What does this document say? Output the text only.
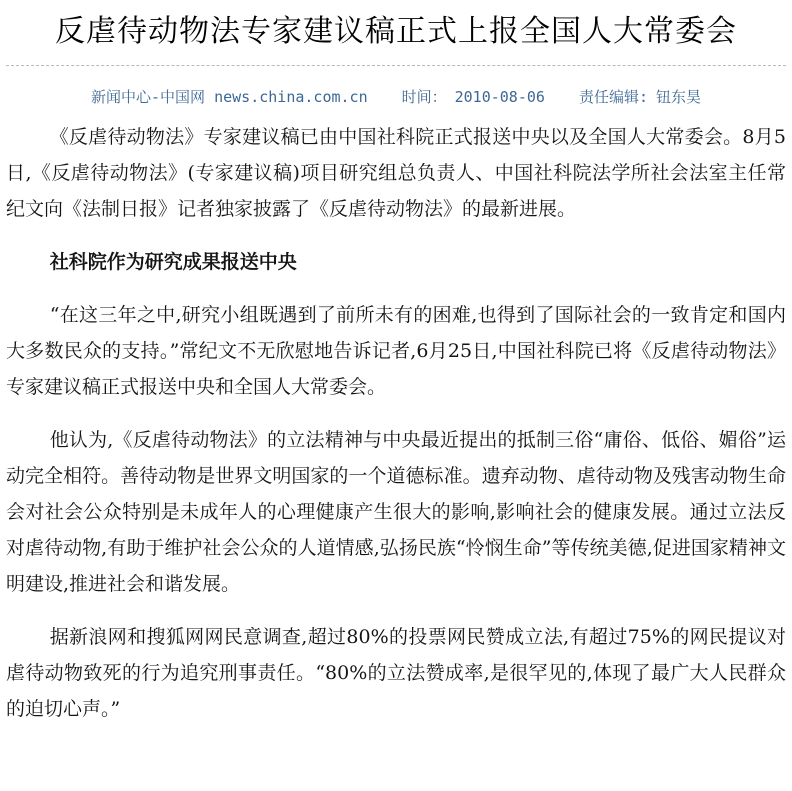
反虐待动物法专家建议稿正式上报全国人大常委会
新闻中心-中国网 news.china.com.cn 时间： 2010-08-06 责任编辑: 钮东昊

《反虐待动物法》专家建议稿已由中国社科院正式报送中央以及全国人大常委会。8月5日,《反虐待动物法》(专家建议稿)项目研究组总负责人、中国社科院法学所社会法室主任常纪文向《法制日报》记者独家披露了《反虐待动物法》的最新进展。

社科院作为研究成果报送中央

“在这三年之中,研究小组既遇到了前所未有的困难,也得到了国际社会的一致肯定和国内大多数民众的支持。”常纪文不无欣慰地告诉记者,6月25日,中国社科院已将《反虐待动物法》专家建议稿正式报送中央和全国人大常委会。

他认为,《反虐待动物法》的立法精神与中央最近提出的抵制三俗“庸俗、低俗、媚俗”运动完全相符。善待动物是世界文明国家的一个道德标准。遗弃动物、虐待动物及残害动物生命会对社会公众特别是未成年人的心理健康产生很大的影响,影响社会的健康发展。通过立法反对虐待动物,有助于维护社会公众的人道情感,弘扬民族“怜悯生命”等传统美德,促进国家精神文明建设,推进社会和谐发展。

据新浪网和搜狐网网民意调查,超过80%的投票网民赞成立法,有超过75%的网民提议对虐待动物致死的行为追究刑事责任。“80%的立法赞成率,是很罕见的,体现了最广大人民群众的迫切心声。”
